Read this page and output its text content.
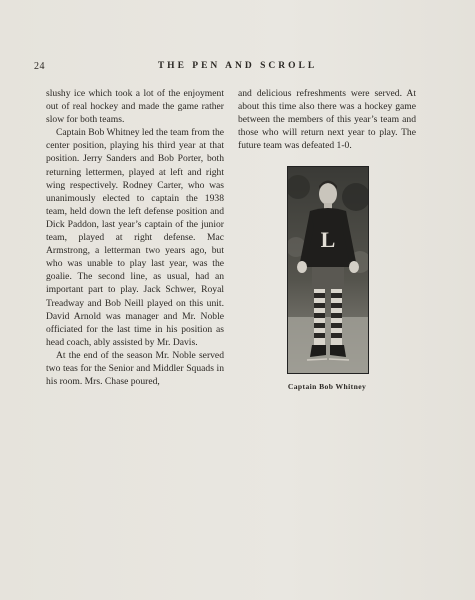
24	THE PEN AND SCROLL

slushy ice which took a lot of the enjoyment out of real hockey and made the game rather slow for both teams.

Captain Bob Whitney led the team from the center position, playing his third year at that position. Jerry Sanders and Bob Porter, both returning lettermen, played at left and right wing respectively. Rodney Carter, who was unanimously elected to captain the 1938 team, held down the left defense position and Dick Paddon, last year’s captain of the junior team, played at right defense. Mac Armstrong, a letterman two years ago, but who was unable to play last year, was the goalie. The second line, as usual, had an important part to play. Jack Schwer, Royal Treadway and Bob Neill played on this unit. David Arnold was manager and Mr. Noble officiated for the last time in his position as head coach, ably assisted by Mr. Davis.

At the end of the season Mr. Noble served two teas for the Senior and Middler Squads in his room. Mrs. Chase poured,

and delicious refreshments were served. At about this time also there was a hockey game between the members of this year’s team and those who will return next year to play. The future team was defeated 1-0.

L
Captain Bob Whitney
